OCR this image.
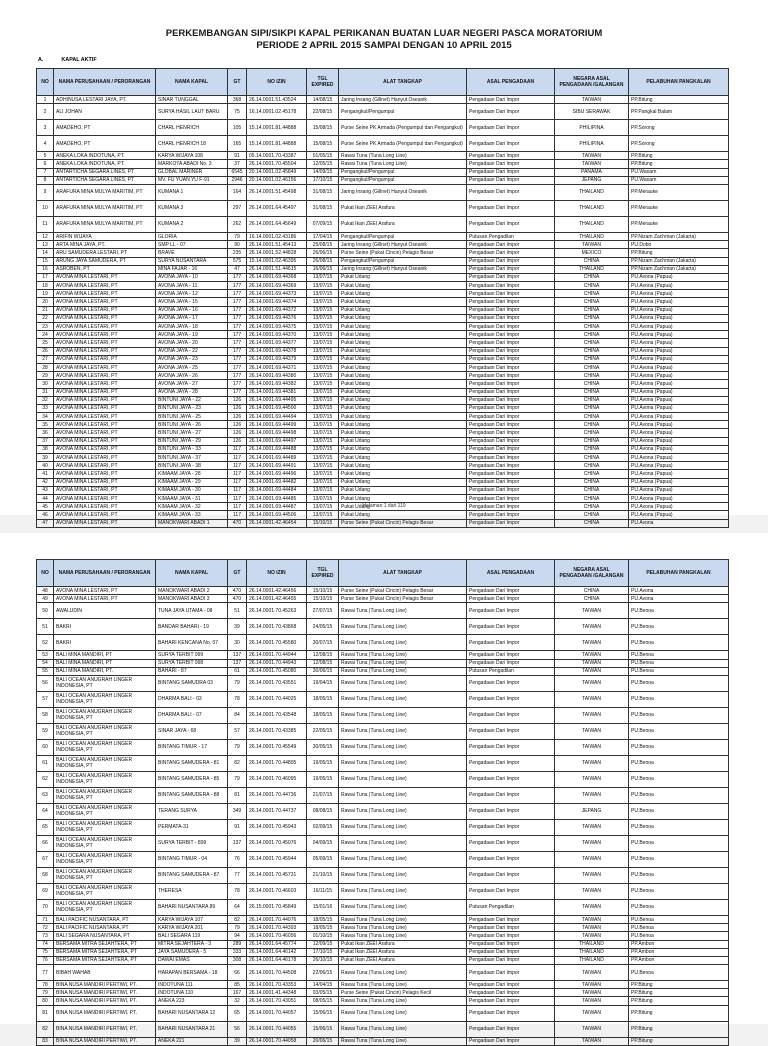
PERKEMBANGAN SIPI/SIKPI KAPAL PERIKANAN BUATAN LUAR NEGERI PASCA MORATORIUM
PERIODE 2 APRIL 2015 SAMPAI DENGAN 10 APRIL 2015
A.	KAPAL AKTIF
NO	NAMA PERUSAHAAN / PERORANGAN	NAMA KAPAL	GT	NO IZIN	TGL EXPIRED	ALAT TANGKAP	ASAL PENGADAAN	NEGARA ASAL PENGADAAN /GALANGAN	PELABUHAN PANGKALAN
1	ADHINUSA LESTARI JAYA, PT.	SINAR TUNGGAL	368	26.14.0001.51.43524	14/08/15	Jaring Insang (Gillnet) Hanyut Oseanik	Pengadaan Dari Impor	TAIWAN	PP.Bitung
2	ALI JOHAN	SURYA HASIL LAUT BARU	75	16.14.0001.02.45178	22/08/15	Pengangkut/Pengumpul	Pengadaan Dari Impor	SIBU SERAWAK	PP.Pangkal Balam
3	AMADEHO, PT	CHARL HENRICH	105	15.14.0001.81.44888	15/08/15	Purse Seine PK Armada (Pengumpul dan Pengangkut)	Pengadaan Dari Impor	PHILIPINA	PP.Sorong
4	AMADEHO, PT	CHARL HENRICH 18	165	15.14.0001.81.44888	15/08/15	Purse Seine PK Armada (Pengumpul dan Pengangkut)	Pengadaan Dari Impor	PHILIPINA	PP.Sorong
5	ANEKA LOKA INDOTUNA, PT.	KARYA WIJAYA 108	91	05.14.0001.70.43387	01/05/15	Rawai Tuna (Tuna Long Line)	Pengadaan Dari Impor	TAIWAN	PP.Bitung
6	ANEKA LOKA INDOTUNA, PT.	MARKOTA ABADI No. 3	37	26.14.0001.70.45504	12/05/15	Rawai Tuna (Tuna Long Line)	Pengadaan Dari Impor	TAIWAN	PP.Bitung
7	ANTARTICHA SEGARA LINES, PT	GLOBAL MARINER	6545	20.14.0001.02.45849	14/09/15	Pengangkut/Pengumpul	Pengadaan Dari Impor	PANAMA	PU.Wanam
8	ANTARTICHA SEGARA LINES, PT	MV. FU YUAN YU F-91	2946	20.14.0001.02.46156	17/10/15	Pengangkut/Pengumpul	Pengadaan Dari Impor	JEPANG	PU.Wanam
9	ARAFURA MINA MULYA MARITIM, PT	KUMANA 1	164	26.14.0001.51.45498	31/08/15	Jaring Insang (Gillnet) Hanyut Oseanik	Pengadaan Dari Impor	THAILAND	PP.Merauke
10	ARAFURA MINA MULYA MARITIM, PT	KUMANA 3	297	26.14.0001.64.45497	31/08/15	Pukat Ikan ZEEI Arafura	Pengadaan Dari Impor	THAILAND	PP.Merauke
11	ARAFURA MINA MULYA MARITIM, PT	KUMANA 2	262	26.14.0001.64.45649	07/09/15	Pukat Ikan ZEEI Arafura	Pengadaan Dari Impor	THAILAND	PP.Merauke
12	ARIFIN WIJAYA	GLORIA	79	16.14.0001.02.43186	17/04/15	Pengangkut/Pengumpul	Putusan Pengadilan	THAILAND	PP.Nizam Zachman (Jakarta)
13	ARTA MINA JAYA, PT.	SMP LL - 07	90	26.14.0001.51.45413	25/08/15	Jaring Insang (Gillnet) Hanyut Oseanik	Pengadaan Dari Impor	TAIWAN	PU.Dobo
14	ARU SAMUDERA LESTARI, PT	BRAVE	235	26.14.0001.52.44828	26/06/15	Purse Seine (Pukat Cincin) Pelagis Besar	Pengadaan Dari Impor	MEXICO	PP.Bitung
15	ARUNG JAYA SAMUDERA, PT	SURYA NUSANTARA	575	15.14.0001.02.46395	26/08/15	Pengangkut/Pengumpul	Pengadaan Dari Impor	CHINA	PP.Nizam Zachman (Jakarta)
16	ASROBEN, PT	MINA FAJAR - 16	47	26.14.0001.51.44615	16/06/15	Jaring Insang (Gillnet) Hanyut Oseanik	Pengadaan Dari Impor	THAILAND	PP.Nizam Zachman (Jakarta)
17	AVONA MINA LESTARI, PT	AVONA JAYA - 10	177	26.14.0001.69.44368	13/07/15	Pukat Udang	Pengadaan Dari Impor	CHINA	PU.Avona (Papua)
18	AVONA MINA LESTARI, PT	AVONA JAYA - 11	177	26.14.0001.69.44369	13/07/15	Pukat Udang	Pengadaan Dari Impor	CHINA	PU.Avona (Papua)
19	AVONA MINA LESTARI, PT	AVONA JAYA - 12	177	26.14.0001.69.44373	13/07/15	Pukat Udang	Pengadaan Dari Impor	CHINA	PU.Avona (Papua)
20	AVONA MINA LESTARI, PT	AVONA JAYA - 15	177	26.14.0001.69.44374	13/07/15	Pukat Udang	Pengadaan Dari Impor	CHINA	PU.Avona (Papua)
21	AVONA MINA LESTARI, PT	AVONA JAYA - 16	177	26.14.0001.69.44372	13/07/15	Pukat Udang	Pengadaan Dari Impor	CHINA	PU.Avona (Papua)
22	AVONA MINA LESTARI, PT	AVONA JAYA - 17	177	26.14.0001.69.44376	13/07/15	Pukat Udang	Pengadaan Dari Impor	CHINA	PU.Avona (Papua)
23	AVONA MINA LESTARI, PT	AVONA JAYA - 18	177	26.14.0001.69.44375	13/07/15	Pukat Udang	Pengadaan Dari Impor	CHINA	PU.Avona (Papua)
24	AVONA MINA LESTARI, PT	AVONA JAYA - 19	177	26.14.0001.69.44370	13/07/15	Pukat Udang	Pengadaan Dari Impor	CHINA	PU.Avona (Papua)
25	AVONA MINA LESTARI, PT	AVONA JAYA - 20	177	26.14.0001.69.44377	13/07/15	Pukat Udang	Pengadaan Dari Impor	CHINA	PU.Avona (Papua)
26	AVONA MINA LESTARI, PT	AVONA JAYA - 22	177	26.14.0001.69.44378	13/07/15	Pukat Udang	Pengadaan Dari Impor	CHINA	PU.Avona (Papua)
27	AVONA MINA LESTARI, PT	AVONA JAYA - 23	177	26.14.0001.69.44379	13/07/15	Pukat Udang	Pengadaan Dari Impor	CHINA	PU.Avona (Papua)
28	AVONA MINA LESTARI, PT	AVONA JAYA - 25	177	26.14.0001.69.44371	13/07/15	Pukat Udang	Pengadaan Dari Impor	CHINA	PU.Avona (Papua)
29	AVONA MINA LESTARI, PT	AVONA JAYA - 26	177	26.14.0001.69.44380	13/07/15	Pukat Udang	Pengadaan Dari Impor	CHINA	PU.Avona (Papua)
30	AVONA MINA LESTARI, PT	AVONA JAYA - 27	177	26.14.0001.69.44382	13/07/15	Pukat Udang	Pengadaan Dari Impor	CHINA	PU.Avona (Papua)
31	AVONA MINA LESTARI, PT	AVONA JAYA - 28	177	26.14.0001.69.44381	13/07/15	Pukat Udang	Pengadaan Dari Impor	CHINA	PU.Avona (Papua)
32	AVONA MINA LESTARI, PT	BINTUNI JAYA - 22	126	26.14.0001.69.44495	13/07/15	Pukat Udang	Pengadaan Dari Impor	CHINA	PU.Avona (Papua)
33	AVONA MINA LESTARI, PT	BINTUNI JAYA - 23	126	26.14.0001.69.44500	13/07/15	Pukat Udang	Pengadaan Dari Impor	CHINA	PU.Avona (Papua)
34	AVONA MINA LESTARI, PT	BINTUNI JAYA - 25	126	26.14.0001.69.44494	13/07/15	Pukat Udang	Pengadaan Dari Impor	CHINA	PU.Avona (Papua)
35	AVONA MINA LESTARI, PT	BINTUNI JAYA - 26	126	26.14.0001.69.44499	13/07/15	Pukat Udang	Pengadaan Dari Impor	CHINA	PU.Avona (Papua)
36	AVONA MINA LESTARI, PT	BINTUNI JAYA - 27	126	26.14.0001.69.44498	13/07/15	Pukat Udang	Pengadaan Dari Impor	CHINA	PU.Avona (Papua)
37	AVONA MINA LESTARI, PT	BINTUNI JAYA - 29	126	26.14.0001.69.44497	13/07/15	Pukat Udang	Pengadaan Dari Impor	CHINA	PU.Avona (Papua)
38	AVONA MINA LESTARI, PT	BINTUNI JAYA - 33	117	26.14.0001.69.44488	13/07/15	Pukat Udang	Pengadaan Dari Impor	CHINA	PU.Avona (Papua)
39	AVONA MINA LESTARI, PT	BINTUNI JAYA - 37	117	26.14.0001.69.44489	13/07/15	Pukat Udang	Pengadaan Dari Impor	CHINA	PU.Avona (Papua)
40	AVONA MINA LESTARI, PT	BINTUNI JAYA - 38	117	26.14.0001.69.44491	13/07/15	Pukat Udang	Pengadaan Dari Impor	CHINA	PU.Avona (Papua)
41	AVONA MINA LESTARI, PT	KIMAAM JAYA - 28	117	26.14.0001.69.44496	13/07/15	Pukat Udang	Pengadaan Dari Impor	CHINA	PU.Avona (Papua)
42	AVONA MINA LESTARI, PT	KIMAAM JAYA - 29	117	26.14.0001.69.44482	13/07/15	Pukat Udang	Pengadaan Dari Impor	CHINA	PU.Avona (Papua)
43	AVONA MINA LESTARI, PT	KIMAAM JAYA - 30	117	26.14.0001.69.44484	13/07/15	Pukat Udang	Pengadaan Dari Impor	CHINA	PU.Avona (Papua)
44	AVONA MINA LESTARI, PT	KIMAAM JAYA - 31	117	26.14.0001.69.44485	13/07/15	Pukat Udang	Pengadaan Dari Impor	CHINA	PU.Avona (Papua)
45	AVONA MINA LESTARI, PT	KIMAAM JAYA - 32	117	26.14.0001.69.44487	13/07/15	Pukat Udang	Pengadaan Dari Impor	CHINA	PU.Avona (Papua)
46	AVONA MINA LESTARI, PT	KIMAAM JAYA - 33	117	26.14.0001.69.44506	13/07/15	Pukat Udang	Pengadaan Dari Impor	CHINA	PU.Avona (Papua)
47	AVONA MINA LESTARI, PT	MANOKWARI ABADI 1	470	26.14.0001.42.46454	15/10/15	Purse Seine (Pukat Cincin) Pelagis Besar	Pengadaan Dari Impor	CHINA	PU.Avona
Halaman 1 dari 119
NO	NAMA PERUSAHAAN / PERORANGAN	NAMA KAPAL	GT	NO IZIN	TGL EXPIRED	ALAT TANGKAP	ASAL PENGADAAN	NEGARA ASAL PENGADAAN /GALANGAN	PELABUHAN PANGKALAN
48	AVONA MINA LESTARI, PT	MANOKWARI ABADI 2	470	26.14.0001.42.46456	15/10/15	Purse Seine (Pukat Cincin) Pelagis Besar	Pengadaan Dari Impor	CHINA	PU.Avona
49	AVONA MINA LESTARI, PT	MANOKWARI ABADI 3	470	26.14.0001.42.46455	15/10/15	Purse Seine (Pukat Cincin) Pelagis Besar	Pengadaan Dari Impor	CHINA	PU.Avona
50	AWALUDIN	TUNA JAYA UTAMA - 08	51	26.14.0001.70.45263	27/07/15	Rawai Tuna (Tuna Long Line)	Pengadaan Dari Impor	TAIWAN	PU.Benoa
51	BAKRI	BANDAR BAHARI - 19	39	26.14.0001.70.43868	24/05/15	Rawai Tuna (Tuna Long Line)	Pengadaan Dari Impor	TAIWAN	PU.Benoa
52	BAKRI	BAHARI KENCANA No. 07	30	26.14.0001.70.45580	30/07/15	Rawai Tuna (Tuna Long Line)	Pengadaan Dari Impor	TAIWAN	PU.Benoa
53	BALI MINA MANDIRI, PT	SURYA TERBIT 999	137	26.14.0001.70.44944	12/08/15	Rawai Tuna (Tuna Long Line)	Pengadaan Dari Impor	TAIWAN	PU.Benoa
54	BALI MINA MANDIRI, PT	SURYA TERBIT 998	137	26.14.0001.70.44943	12/08/15	Rawai Tuna (Tuna Long Line)	Pengadaan Dari Impor	TAIWAN	PU.Benoa
55	BALI MINA MANDIRI, PT.	BAHARI - 87	61	26.14.0001.70.45080	30/06/15	Rawai Tuna (Tuna Long Line)	Putusan Pengadilan	TAIWAN	PU.Benoa
56	BALI OCEAN ANUGRAH LINGER INDONESIA, PT	BINTANG SAMUDRA 03	79	26.14.0001.70.43551	19/04/15	Rawai Tuna (Tuna Long Line)	Pengadaan Dari Impor	TAIWAN	PU.Benoa
57	BALI OCEAN ANUGRAH LINGER INDONESIA, PT	DHARMA BALI - 03	78	26.14.0001.70.44025	18/05/15	Rawai Tuna (Tuna Long Line)	Pengadaan Dari Impor	TAIWAN	PU.Benoa
58	BALI OCEAN ANUGRAH LINGER INDONESIA, PT	DHARMA BALI - 07	84	26.14.0001.70.43548	18/05/15	Rawai Tuna (Tuna Long Line)	Pengadaan Dari Impor	TAIWAN	PU.Benoa
59	BALI OCEAN ANUGRAH LINGER INDONESIA, PT	SINAR JAYA - 68	57	26.14.0001.70.43385	22/05/15	Rawai Tuna (Tuna Long Line)	Pengadaan Dari Impor	TAIWAN	PU.Benoa
60	BALI OCEAN ANUGRAH LINGER INDONESIA, PT	BINTANG TIMUR - 17	79	26.14.0001.70.45549	30/05/15	Rawai Tuna (Tuna Long Line)	Pengadaan Dari Impor	TAIWAN	PU.Benoa
61	BALI OCEAN ANUGRAH LINGER INDONESIA, PT	BINTANG SAMUDERA - 81	82	26.14.0001.70.44805	19/05/15	Rawai Tuna (Tuna Long Line)	Pengadaan Dari Impor	TAIWAN	PU.Benoa
62	BALI OCEAN ANUGRAH LINGER INDONESIA, PT	BINTANG SAMUDERA - 85	79	26.14.0001.70.46095	19/05/15	Rawai Tuna (Tuna Long Line)	Pengadaan Dari Impor	TAIWAN	PU.Benoa
63	BALI OCEAN ANUGRAH LINGER INDONESIA, PT	BINTANG SAMUDERA - 88	81	26.14.0001.70.44736	21/07/15	Rawai Tuna (Tuna Long Line)	Pengadaan Dari Impor	TAIWAN	PU.Benoa
64	BALI OCEAN ANUGRAH LINGER INDONESIA, PT	TERANG SURYA	349	26.14.0001.70.44737	08/08/15	Rawai Tuna (Tuna Long Line)	Pengadaan Dari Impor	JEPANG	PU.Benoa
65	BALI OCEAN ANUGRAH LINGER INDONESIA, PT	PERMATA-31	91	26.14.0001.70.45943	02/09/15	Rawai Tuna (Tuna Long Line)	Pengadaan Dari Impor	TAIWAN	PU.Benoa
66	BALI OCEAN ANUGRAH LINGER INDONESIA, PT	SURYA TERBIT - 899	137	26.14.0001.70.45076	04/09/15	Rawai Tuna (Tuna Long Line)	Pengadaan Dari Impor	TAIWAN	PU.Benoa
67	BALI OCEAN ANUGRAH LINGER INDONESIA, PT	BINTANG TIMUR - 04	76	26.14.0001.70.45944	05/09/15	Rawai Tuna (Tuna Long Line)	Pengadaan Dari Impor	TAIWAN	PU.Benoa
68	BALI OCEAN ANUGRAH LINGER INDONESIA, PT	BINTANG SAMUDERA - 87	77	26.14.0001.70.45731	21/10/15	Rawai Tuna (Tuna Long Line)	Pengadaan Dari Impor	TAIWAN	PU.Benoa
69	BALI OCEAN ANUGRAH LINGER INDONESIA, PT	THERESA	78	26.14.0001.70.46603	16/11/15	Rawai Tuna (Tuna Long Line)	Pengadaan Dari Impor	TAIWAN	PU.Benoa
70	BALI OCEAN ANUGRAH LINGER INDONESIA, PT	BAHARI NUSANTARA 89	64	26.15.0001.70.45849	15/01/16	Rawai Tuna (Tuna Long Line)	Putusan Pengadilan	TAIWAN	PU.Benoa
71	BALI PACIFIC NUSANTARA, PT	KARYA WIJAYA 107	82	26.14.0001.70.44076	18/05/15	Rawai Tuna (Tuna Long Line)	Pengadaan Dari Impor	TAIWAN	PU.Benoa
72	BALI PACIFIC NUSANTARA, PT	KARYA WIJAYA 201	79	26.14.0001.70.44393	18/05/15	Rawai Tuna (Tuna Long Line)	Pengadaan Dari Impor	TAIWAN	PU.Benoa
73	BALI SEGARA NUSANTARA, PT	BALI SEGARA 119	94	26.14.0001.70.46056	01/10/15	Rawai Tuna (Tuna Long Line)	Pengadaan Dari Impor	TAIWAN	PU.Benoa
74	BERSAMA MITRA SEJAHTERA, PT	MITRA SEJAHTERA - 3	289	26.14.0001.64.45774	12/09/15	Pukat Ikan ZEEI Arafura	Pengadaan Dari Impor	THAILAND	PP.Ambon
75	BERSAMA MITRA SEJAHTERA, PT	JAYA SAMUDERA - 5	333	26.14.0001.64.46142	17/10/15	Pukat Ikan ZEEI Arafura	Pengadaan Dari Impor	THAILAND	PP.Ambon
76	BERSAMA MITRA SEJAHTERA, PT	DAWAI EMAS	308	26.14.0001.64.46178	26/10/15	Pukat Ikan ZEEI Arafura	Pengadaan Dari Impor	THAILAND	PP.Ambon
77	BIBAH WAHAB	HARAPAN BERSAMA - 18	66	26.14.0001.70.44508	22/06/15	Rawai Tuna (Tuna Long Line)	Pengadaan Dari Impor	TAIWAN	PU.Benoa
78	BINA NUSA MANDIRI PERTIWI, PT.	INDOTUNA 111	85	26.14.0001.70.43353	14/04/15	Rawai Tuna (Tuna Long Line)	Pengadaan Dari Impor	TAIWAN	PP.Bitung
79	BINA NUSA MANDIRI PERTIWI, PT.	INDOTUNA 110	167	26.14.0001.41.44348	03/05/15	Purse Seine (Pukat Cincin) Pelagis Kecil	Pengadaan Dari Impor	TAIWAN	PP.Bitung
80	BINA NUSA MANDIRI PERTIWI, PT.	ANEKA 223	32	26.14.0001.70.43051	08/05/15	Rawai Tuna (Tuna Long Line)	Pengadaan Dari Impor	TAIWAN	PP.Bitung
81	BINA NUSA MANDIRI PERTIWI, PT.	BAHARI NUSANTARA 12	65	26.14.0001.70.44057	15/06/15	Rawai Tuna (Tuna Long Line)	Pengadaan Dari Impor	TAIWAN	PP.Bitung
82	BINA NUSA MANDIRI PERTIWI, PT.	BAHARI NUSANTARA 21	56	26.14.0001.70.44055	15/06/15	Rawai Tuna (Tuna Long Line)	Pengadaan Dari Impor	TAIWAN	PP.Bitung
83	BINA NUSA MANDIRI PERTIWI, PT.	ANEKA 221	39	26.14.0001.70.44058	20/06/15	Rawai Tuna (Tuna Long Line)	Pengadaan Dari Impor	TAIWAN	PP.Bitung
